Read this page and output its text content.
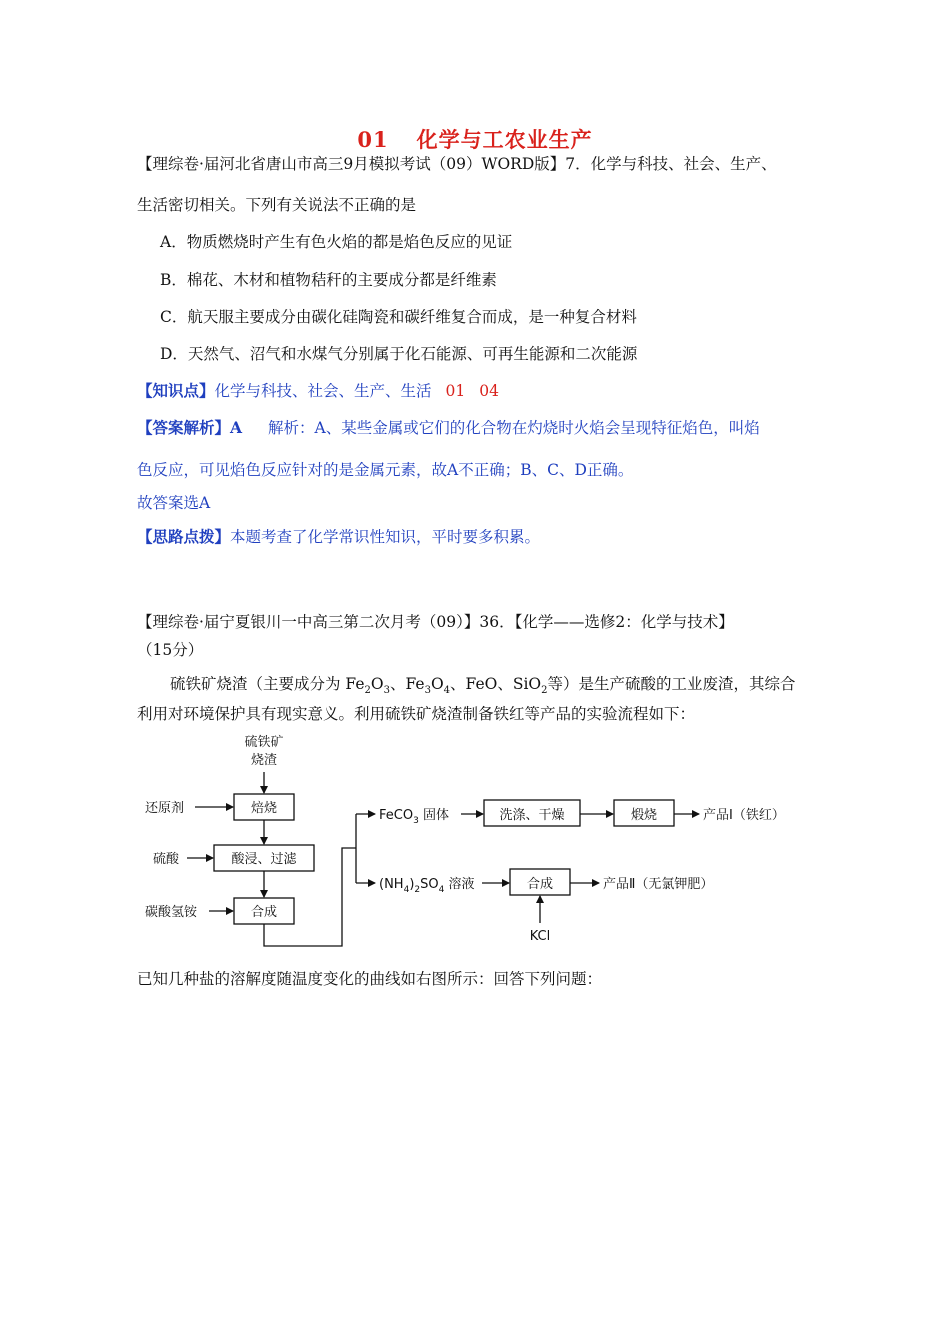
01 化学与工农业生产
【理综卷·届河北省唐山市高三9月模拟考试（09）WORD版】7．化学与科技、社会、生产、
生活密切相关。下列有关说法不正确的是
A．物质燃烧时产生有色火焰的都是焰色反应的见证
B．棉花、木材和植物秸秆的主要成分都是纤维素
C．航天服主要成分由碳化硅陶瓷和碳纤维复合而成，是一种复合材料
D．天然气、沼气和水煤气分别属于化石能源、可再生能源和二次能源
【知识点】化学与科技、社会、生产、生活 01 04
【答案解析】A 解析：A、某些金属或它们的化合物在灼烧时火焰会呈现特征焰色，叫焰
色反应，可见焰色反应针对的是金属元素，故A不正确；B、C、D正确。
故答案选A
【思路点拨】本题考查了化学常识性知识，平时要多积累。
【理综卷·届宁夏银川一中高三第二次月考（09）】36．【化学——选修2：化学与技术】
（15分）
硫铁矿烧渣（主要成分为 $Fe_2O_3$、$Fe_3O_4$、FeO、SiO$_2$等）是生产硫酸的工业废渣，其综合
利用对环境保护具有现实意义。利用硫铁矿烧渣制备铁红等产品的实验流程如下：
硫铁矿
烧渣
还原剂
硫酸
碳酸氢铵
焙烧
酸浸、过滤
合成
FeCO$_3$ 固体	洗涤、干燥	煅烧	产品Ⅰ（铁红）
$(NH_4)_2SO_4$ 溶液	合成	产品Ⅱ（无氯钾肥）
KCl
已知几种盐的溶解度随温度变化的曲线如右图所示：回答下列问题：
